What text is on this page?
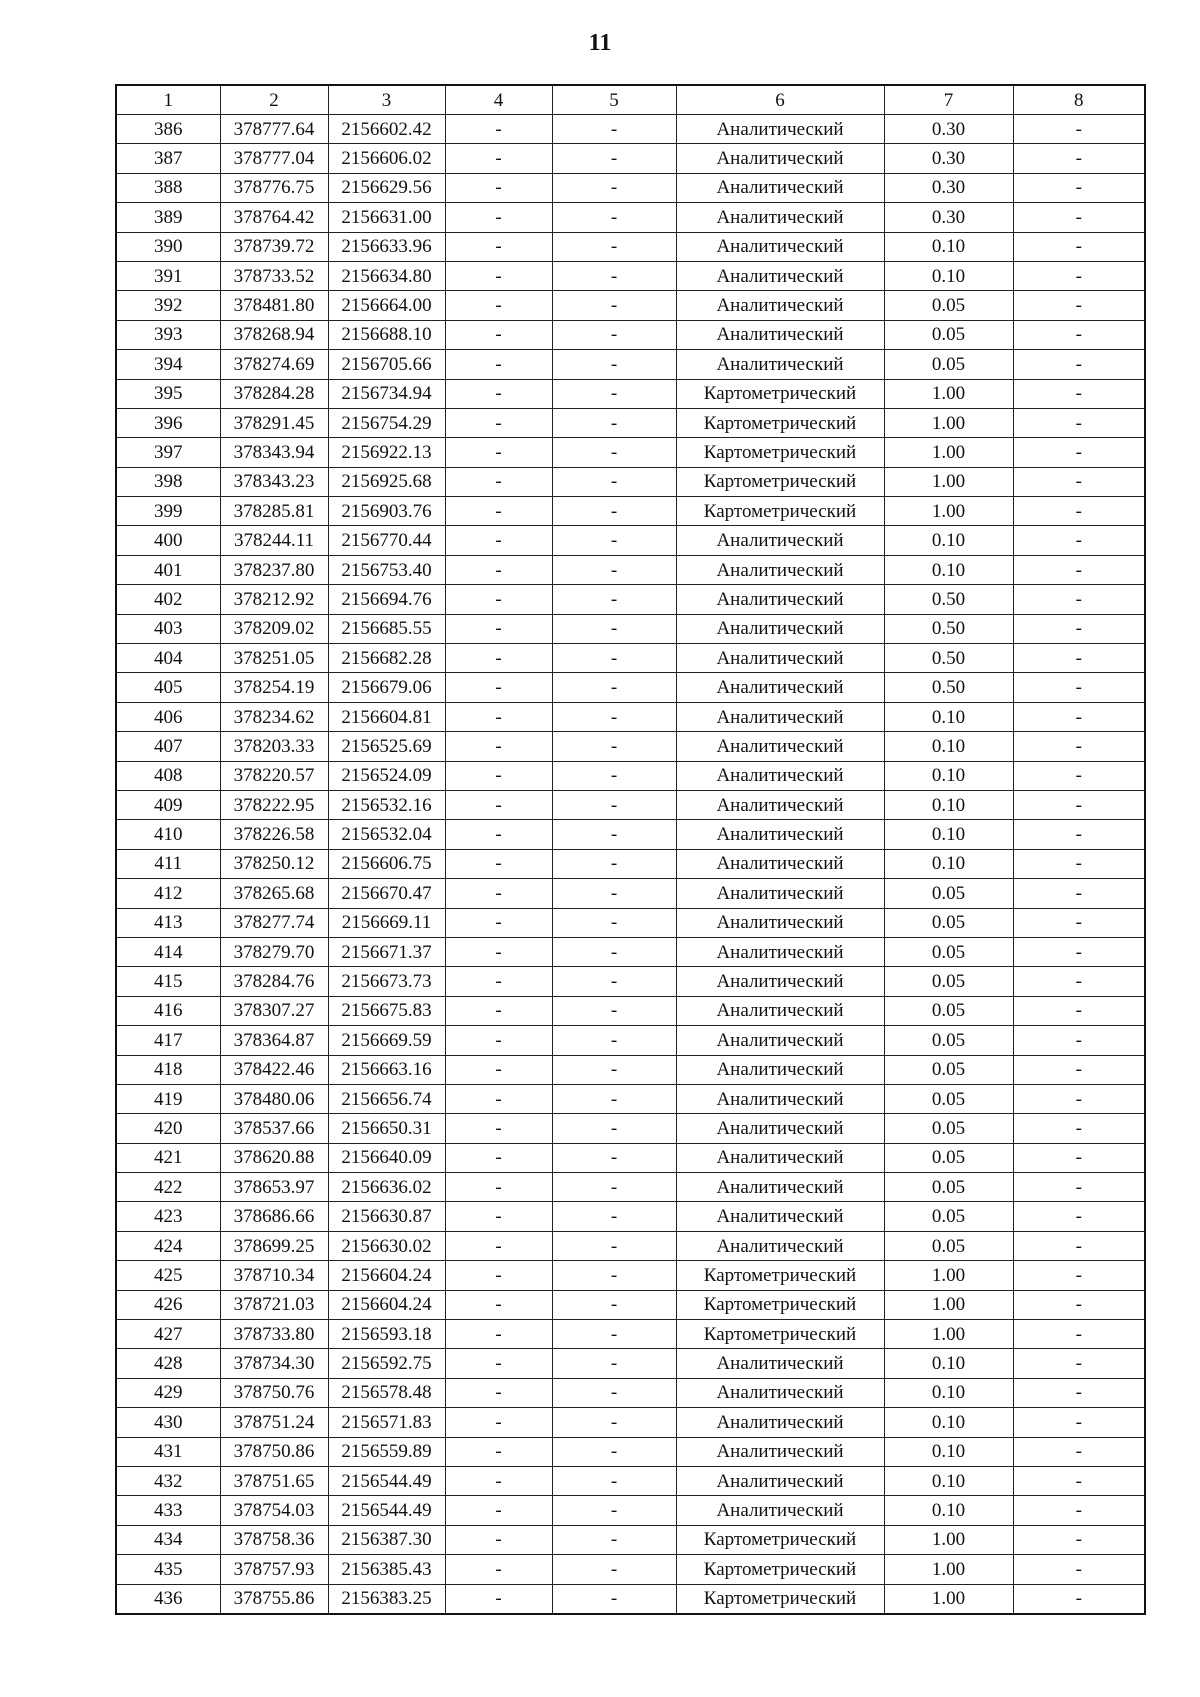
11
1	2	3	4	5	6	7	8
386	378777.64	2156602.42	-	-	Аналитический	0.30	-
387	378777.04	2156606.02	-	-	Аналитический	0.30	-
388	378776.75	2156629.56	-	-	Аналитический	0.30	-
389	378764.42	2156631.00	-	-	Аналитический	0.30	-
390	378739.72	2156633.96	-	-	Аналитический	0.10	-
391	378733.52	2156634.80	-	-	Аналитический	0.10	-
392	378481.80	2156664.00	-	-	Аналитический	0.05	-
393	378268.94	2156688.10	-	-	Аналитический	0.05	-
394	378274.69	2156705.66	-	-	Аналитический	0.05	-
395	378284.28	2156734.94	-	-	Картометрический	1.00	-
396	378291.45	2156754.29	-	-	Картометрический	1.00	-
397	378343.94	2156922.13	-	-	Картометрический	1.00	-
398	378343.23	2156925.68	-	-	Картометрический	1.00	-
399	378285.81	2156903.76	-	-	Картометрический	1.00	-
400	378244.11	2156770.44	-	-	Аналитический	0.10	-
401	378237.80	2156753.40	-	-	Аналитический	0.10	-
402	378212.92	2156694.76	-	-	Аналитический	0.50	-
403	378209.02	2156685.55	-	-	Аналитический	0.50	-
404	378251.05	2156682.28	-	-	Аналитический	0.50	-
405	378254.19	2156679.06	-	-	Аналитический	0.50	-
406	378234.62	2156604.81	-	-	Аналитический	0.10	-
407	378203.33	2156525.69	-	-	Аналитический	0.10	-
408	378220.57	2156524.09	-	-	Аналитический	0.10	-
409	378222.95	2156532.16	-	-	Аналитический	0.10	-
410	378226.58	2156532.04	-	-	Аналитический	0.10	-
411	378250.12	2156606.75	-	-	Аналитический	0.10	-
412	378265.68	2156670.47	-	-	Аналитический	0.05	-
413	378277.74	2156669.11	-	-	Аналитический	0.05	-
414	378279.70	2156671.37	-	-	Аналитический	0.05	-
415	378284.76	2156673.73	-	-	Аналитический	0.05	-
416	378307.27	2156675.83	-	-	Аналитический	0.05	-
417	378364.87	2156669.59	-	-	Аналитический	0.05	-
418	378422.46	2156663.16	-	-	Аналитический	0.05	-
419	378480.06	2156656.74	-	-	Аналитический	0.05	-
420	378537.66	2156650.31	-	-	Аналитический	0.05	-
421	378620.88	2156640.09	-	-	Аналитический	0.05	-
422	378653.97	2156636.02	-	-	Аналитический	0.05	-
423	378686.66	2156630.87	-	-	Аналитический	0.05	-
424	378699.25	2156630.02	-	-	Аналитический	0.05	-
425	378710.34	2156604.24	-	-	Картометрический	1.00	-
426	378721.03	2156604.24	-	-	Картометрический	1.00	-
427	378733.80	2156593.18	-	-	Картометрический	1.00	-
428	378734.30	2156592.75	-	-	Аналитический	0.10	-
429	378750.76	2156578.48	-	-	Аналитический	0.10	-
430	378751.24	2156571.83	-	-	Аналитический	0.10	-
431	378750.86	2156559.89	-	-	Аналитический	0.10	-
432	378751.65	2156544.49	-	-	Аналитический	0.10	-
433	378754.03	2156544.49	-	-	Аналитический	0.10	-
434	378758.36	2156387.30	-	-	Картометрический	1.00	-
435	378757.93	2156385.43	-	-	Картометрический	1.00	-
436	378755.86	2156383.25	-	-	Картометрический	1.00	-
